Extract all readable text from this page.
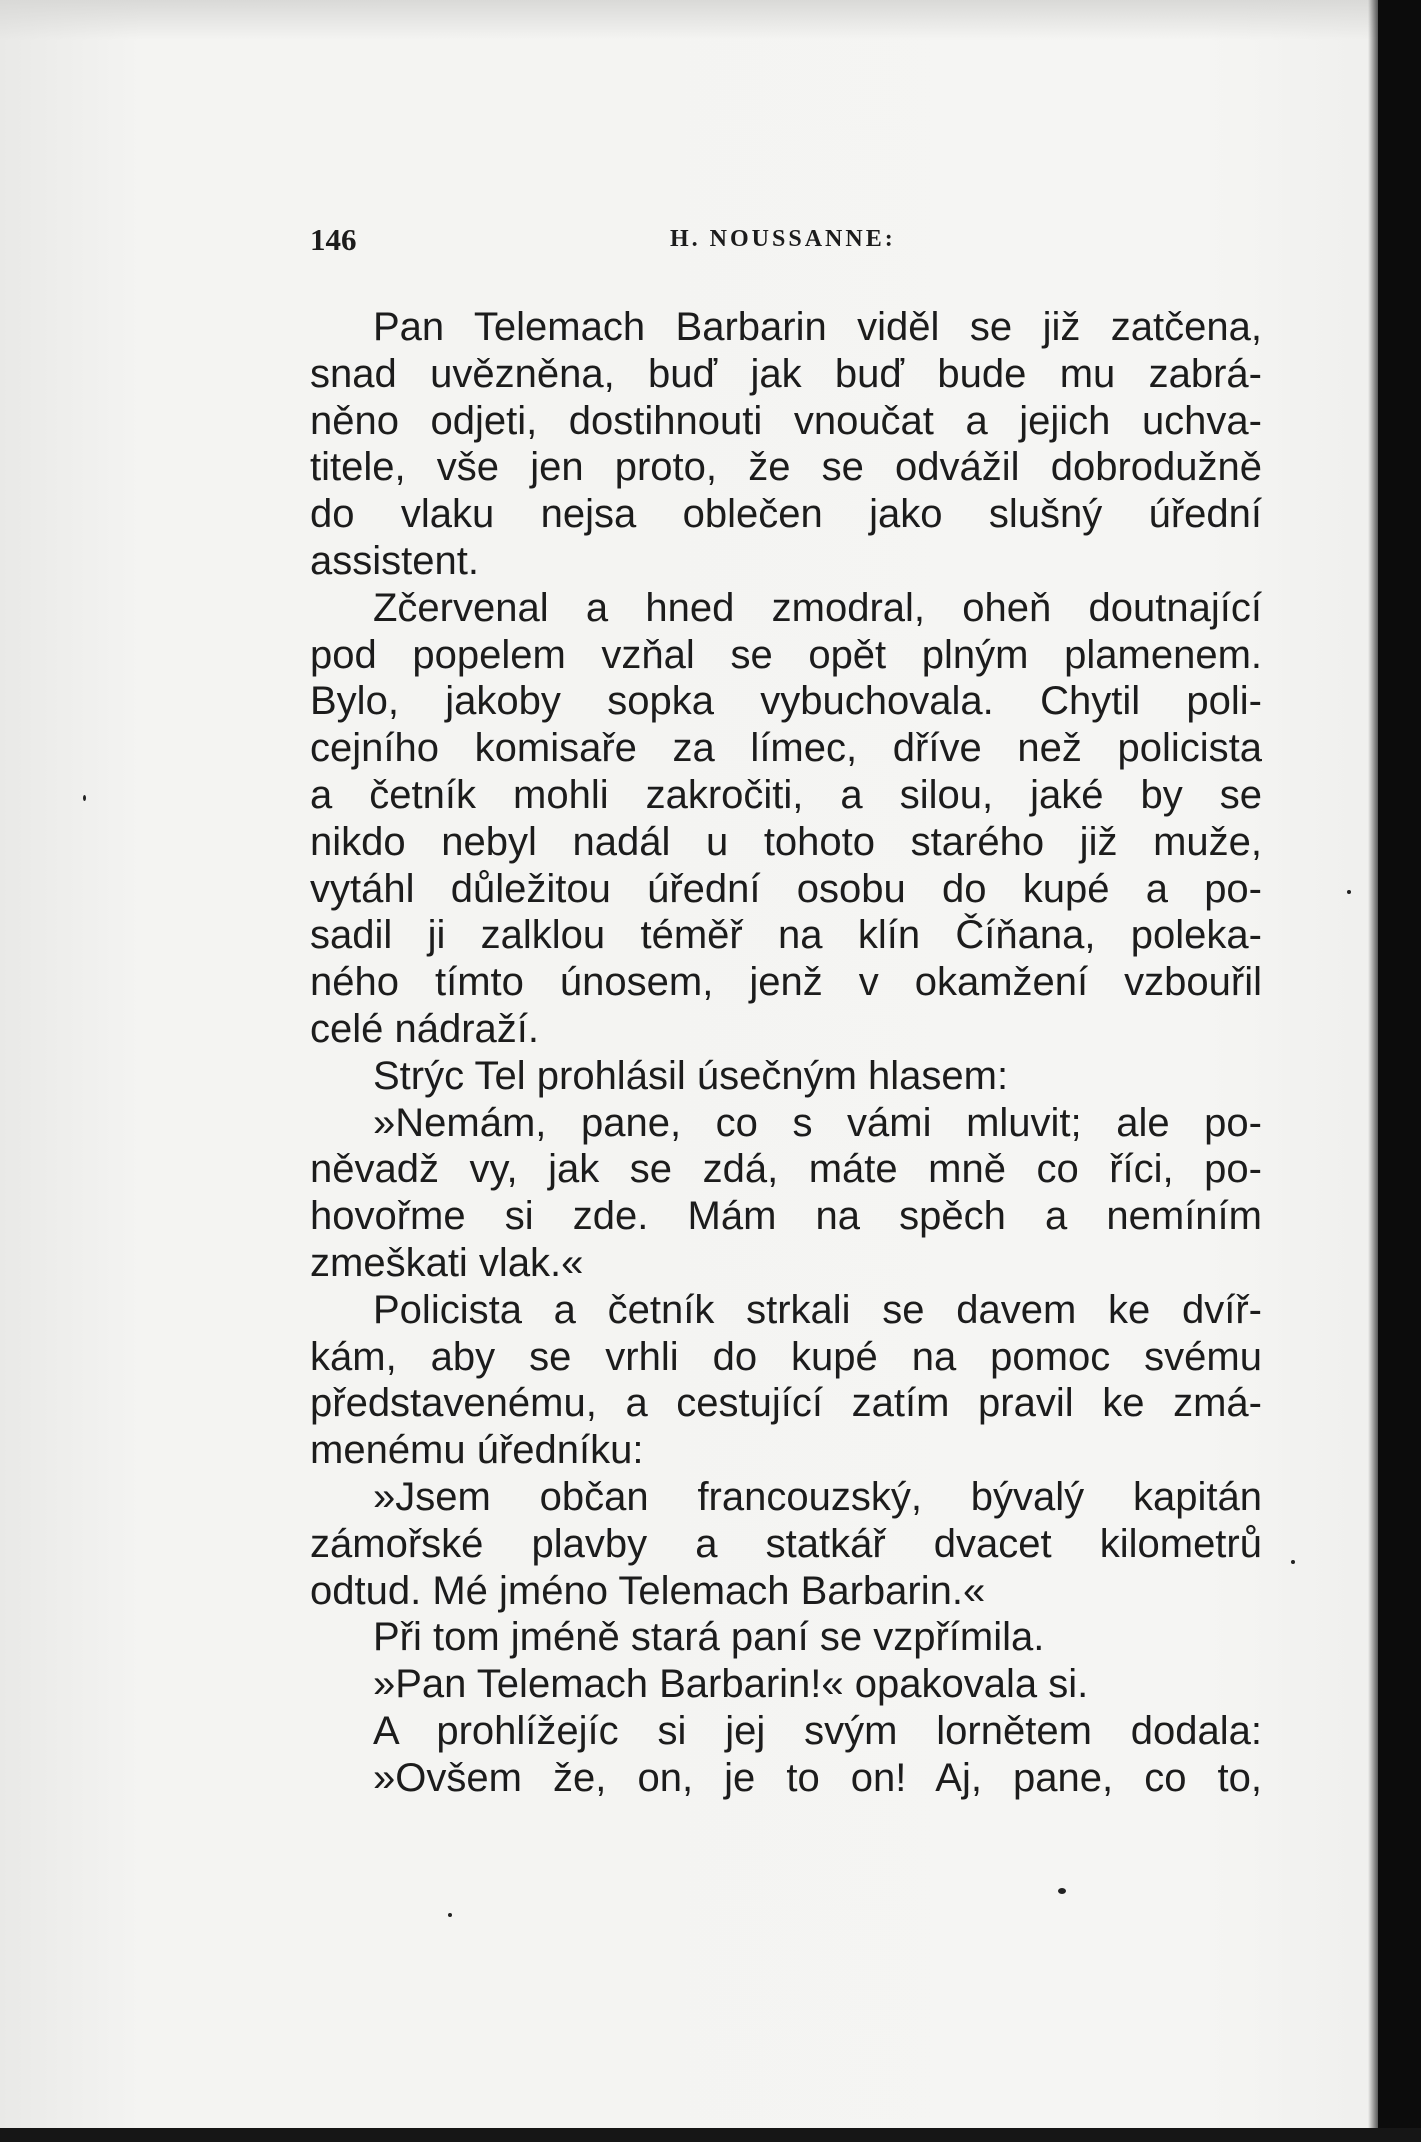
146	H. NOUSSANNE:
Pan Telemach Barbarin viděl se již zatčena,
snad uvězněna, buď jak buď bude mu zabrá-
něno odjeti, dostihnouti vnoučat a jejich uchva-
titele, vše jen proto, že se odvážil dobrodužně
do vlaku nejsa oblečen jako slušný úřední
assistent.
Zčervenal a hned zmodral, oheň doutnající
pod popelem vzňal se opět plným plamenem.
Bylo, jakoby sopka vybuchovala. Chytil poli-
cejního komisaře za límec, dříve než policista
a četník mohli zakročiti, a silou, jaké by se
nikdo nebyl nadál u tohoto starého již muže,
vytáhl důležitou úřední osobu do kupé a po-
sadil ji zalklou téměř na klín Číňana, poleka-
ného tímto únosem, jenž v okamžení vzbouřil
celé nádraží.
Strýc Tel prohlásil úsečným hlasem:
»Nemám, pane, co s vámi mluvit; ale po-
něvadž vy, jak se zdá, máte mně co říci, po-
hovořme si zde. Mám na spěch a nemíním
zmeškati vlak.«
Policista a četník strkali se davem ke dvíř-
kám, aby se vrhli do kupé na pomoc svému
představenému, a cestující zatím pravil ke zmá-
menému úředníku:
»Jsem občan francouzský, bývalý kapitán
zámořské plavby a statkář dvacet kilometrů
odtud. Mé jméno Telemach Barbarin.«
Při tom jméně stará paní se vzpřímila.
»Pan Telemach Barbarin!« opakovala si.
A prohlížejíc si jej svým lornětem dodala:
»Ovšem že, on, je to on! Aj, pane, co to,
